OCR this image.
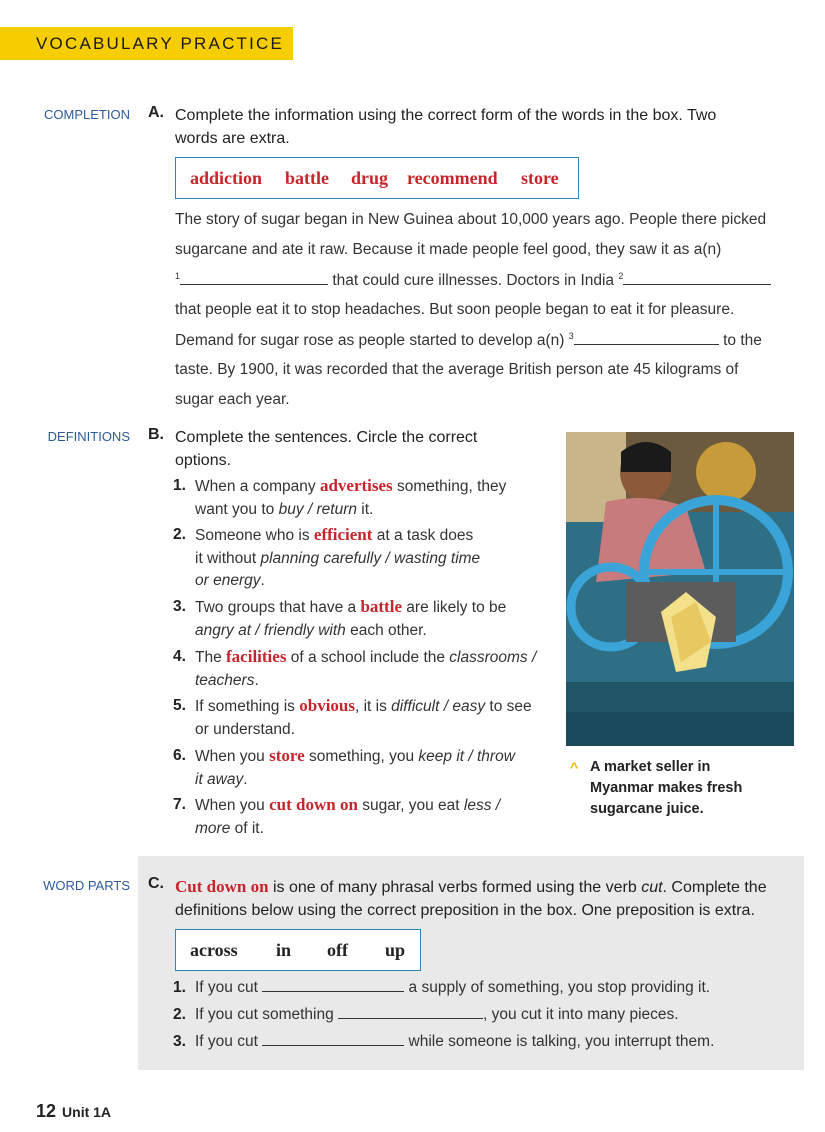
VOCABULARY PRACTICE
COMPLETION A. Complete the information using the correct form of the words in the box. Two
words are extra.
addiction battle drug recommend store
The story of sugar began in New Guinea about 10,000 years ago. People there picked
sugarcane and ate it raw. Because it made people feel good, they saw it as a(n)
$^1$	that could cure illnesses. Doctors in India $^2$
that people eat it to stop headaches. But soon people began to eat it for pleasure.
Demand for sugar rose as people started to develop a(n) $^3$	to the
taste. By 1900, it was recorded that the average British person ate 45 kilograms of
sugar each year.
DEFINITIONS B. Complete the sentences. Circle the correct
options.
1. When a company advertises something, they
want you to buy / return it.
2. Someone who is efficient at a task does
it without planning carefully / wasting time
or energy.
3. Two groups that have a battle are likely to be
angry at / friendly with each other.
4. The facilities of a school include the classrooms /
teachers.
5. If something is obvious, it is difficult / easy to see
or understand.
6. When you store something, you keep it / throw
it away.
7. When you cut down on sugar, you eat less /
more of it.
^ A market seller in
Myanmar makes fresh
sugarcane juice.
WORD PARTS C. Cut down on is one of many phrasal verbs formed using the verb cut. Complete the
definitions below using the correct preposition in the box. One preposition is extra.
across in off up
1. If you cut	a supply of something, you stop providing it.
2. If you cut something	, you cut it into many pieces.
3. If you cut	while someone is talking, you interrupt them.
12 Unit 1A
